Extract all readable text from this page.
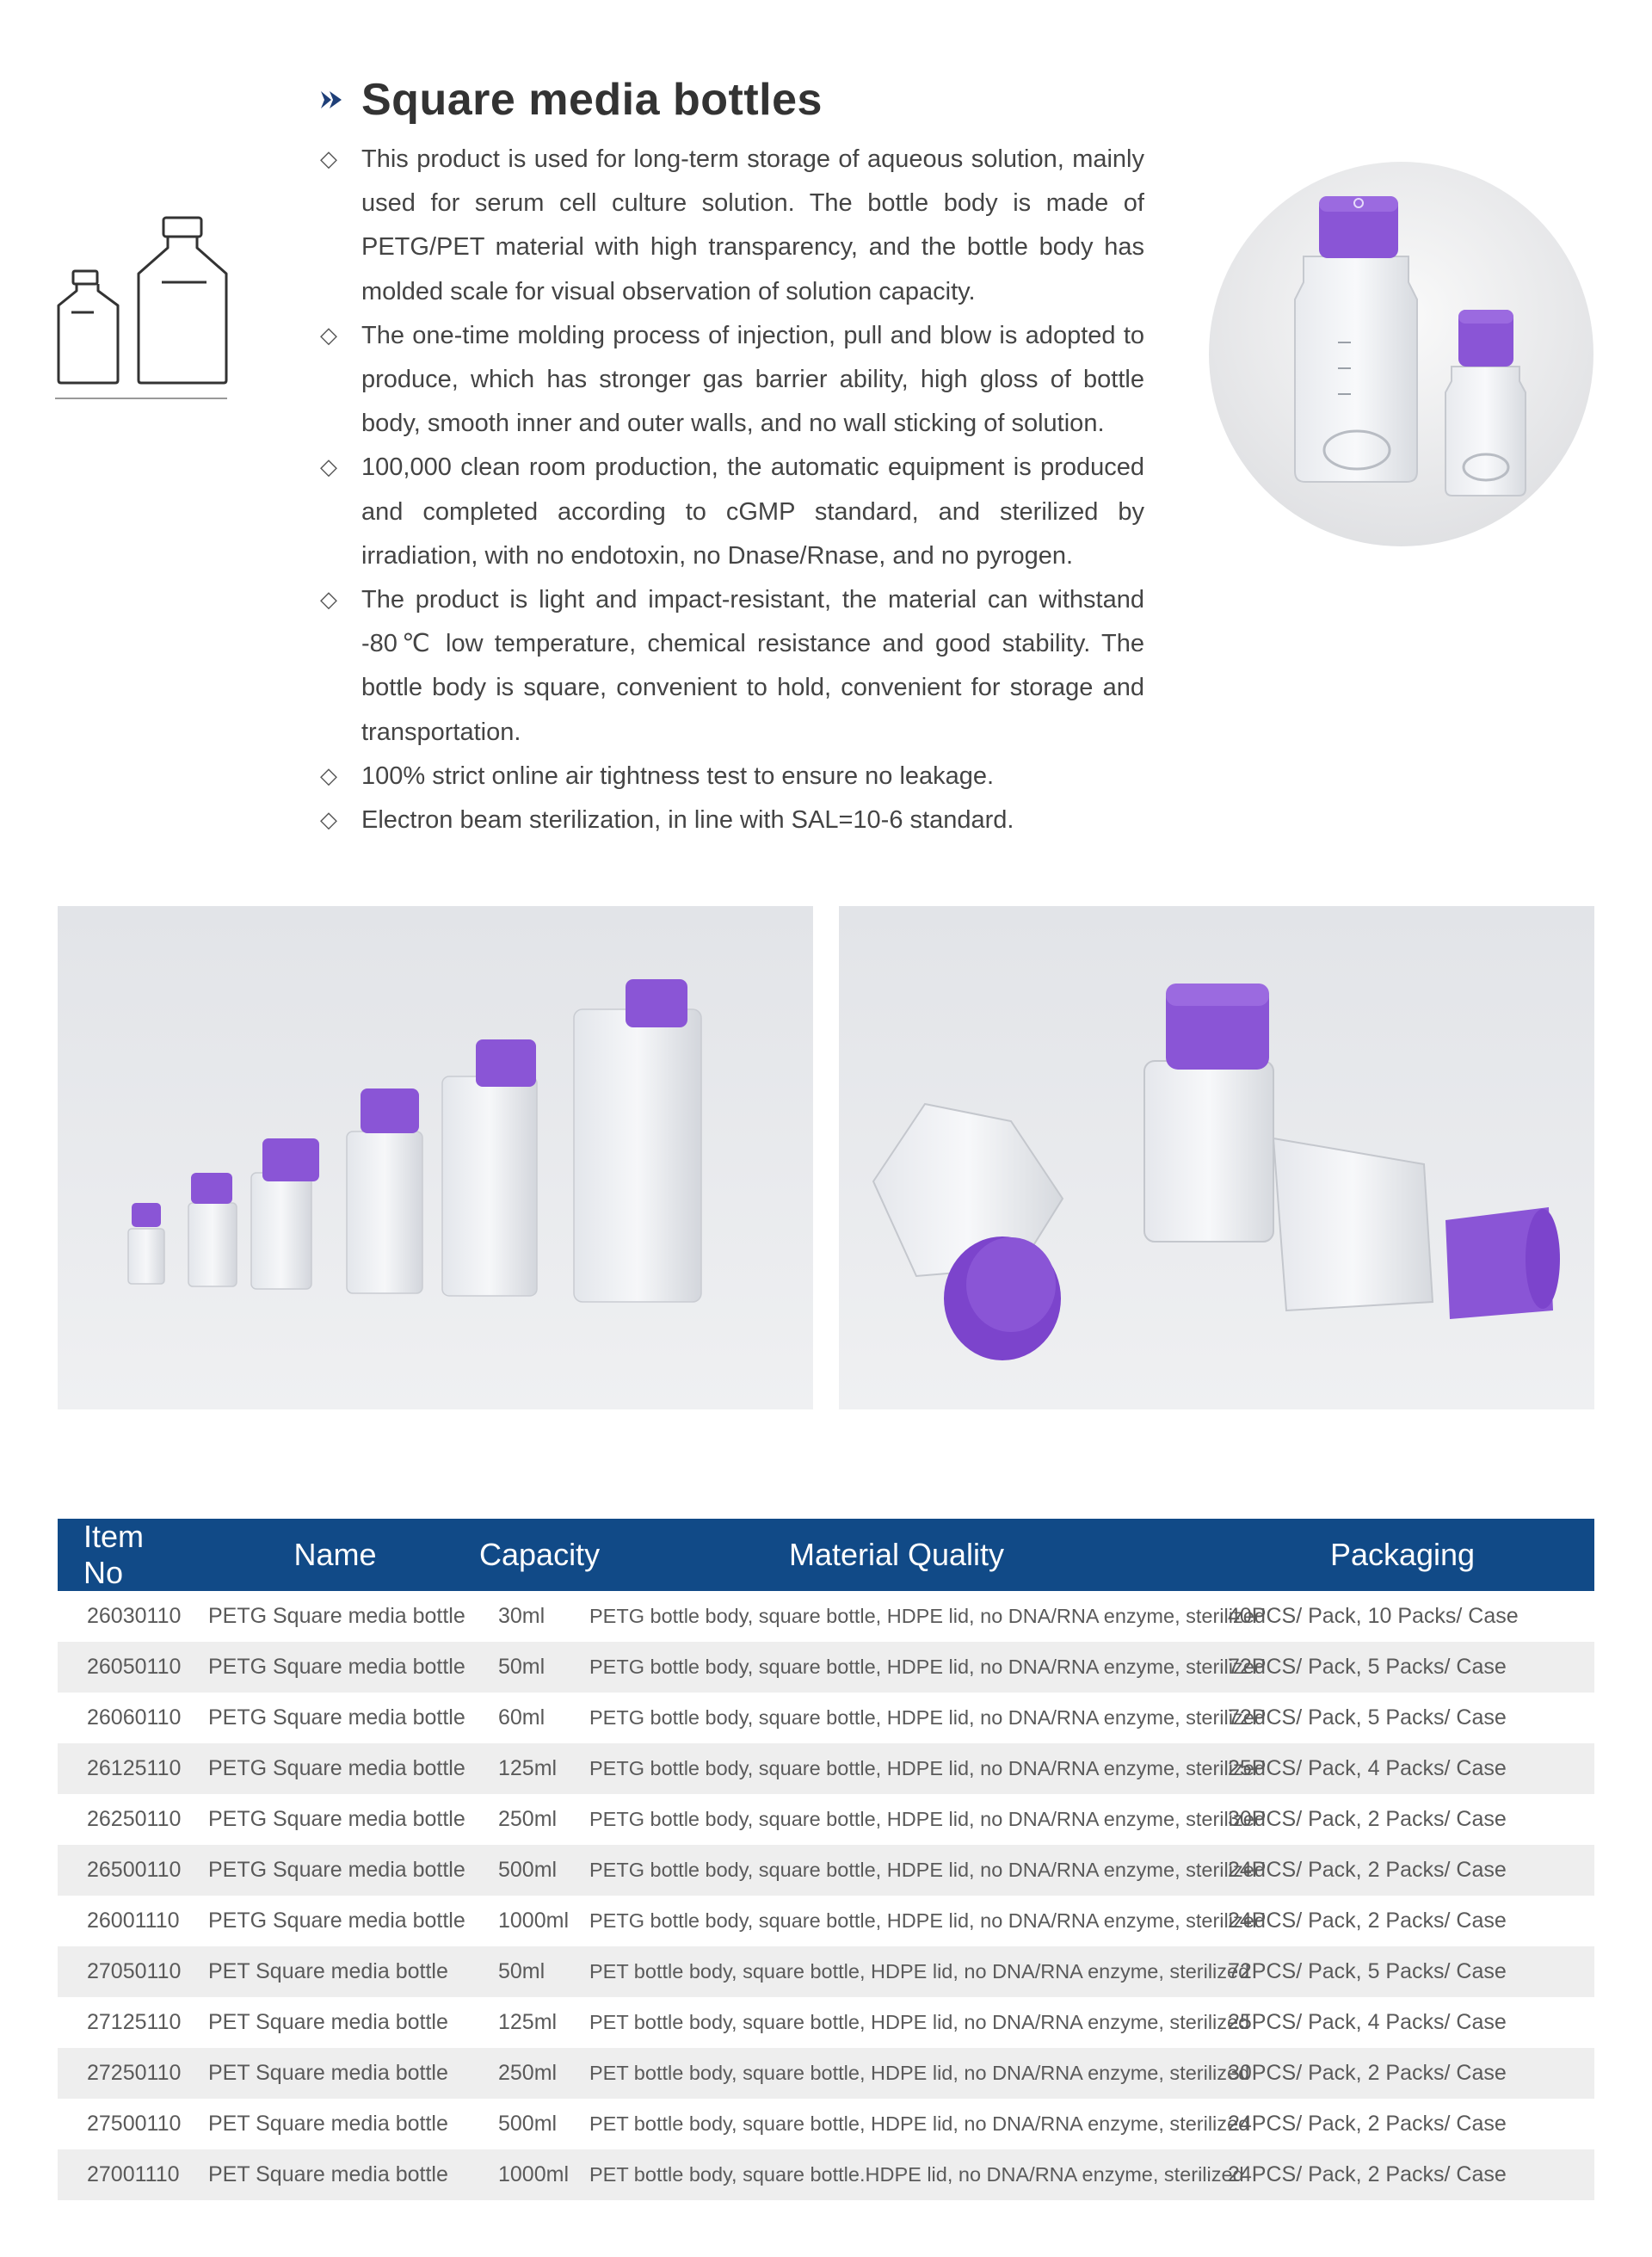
Square media bottles
◇ This product is used for long-term storage of aqueous solution, mainly used for serum cell culture solution. The bottle body is made of PETG/PET material with high transparency, and the bottle body has molded scale for visual observation of solution capacity.
◇ The one-time molding process of injection, pull and blow is adopted to produce, which has stronger gas barrier ability, high gloss of bottle body, smooth inner and outer walls, and no wall sticking of solution.
◇ 100,000 clean room production, the automatic equipment is produced and completed according to cGMP standard, and sterilized by irradiation, with no endotoxin, no Dnase/Rnase, and no pyrogen.
◇ The product is light and impact-resistant, the material can withstand -80℃ low temperature, chemical resistance and good stability. The bottle body is square, convenient to hold, convenient for storage and transportation.
◇ 100% strict online air tightness test to ensure no leakage.
◇ Electron beam sterilization, in line with SAL=10-6 standard.
Item No	Name	Capacity	Material Quality	Packaging
26030110	PETG Square media bottle	30ml	PETG bottle body, square bottle, HDPE lid, no DNA/RNA enzyme, sterilized	40PCS/ Pack, 10 Packs/ Case
26050110	PETG Square media bottle	50ml	PETG bottle body, square bottle, HDPE lid, no DNA/RNA enzyme, sterilized	72PCS/ Pack, 5 Packs/ Case
26060110	PETG Square media bottle	60ml	PETG bottle body, square bottle, HDPE lid, no DNA/RNA enzyme, sterilized	72PCS/ Pack, 5 Packs/ Case
26125110	PETG Square media bottle	125ml	PETG bottle body, square bottle, HDPE lid, no DNA/RNA enzyme, sterilized	25PCS/ Pack, 4 Packs/ Case
26250110	PETG Square media bottle	250ml	PETG bottle body, square bottle, HDPE lid, no DNA/RNA enzyme, sterilized	30PCS/ Pack, 2 Packs/ Case
26500110	PETG Square media bottle	500ml	PETG bottle body, square bottle, HDPE lid, no DNA/RNA enzyme, sterilized	24PCS/ Pack, 2 Packs/ Case
26001110	PETG Square media bottle	1000ml	PETG bottle body, square bottle, HDPE lid, no DNA/RNA enzyme, sterilized	24PCS/ Pack, 2 Packs/ Case
27050110	PET Square media bottle	50ml	PET bottle body, square bottle, HDPE lid, no DNA/RNA enzyme, sterilized	72PCS/ Pack, 5 Packs/ Case
27125110	PET Square media bottle	125ml	PET bottle body, square bottle, HDPE lid, no DNA/RNA enzyme, sterilized	25PCS/ Pack, 4 Packs/ Case
27250110	PET Square media bottle	250ml	PET bottle body, square bottle, HDPE lid, no DNA/RNA enzyme, sterilized	30PCS/ Pack, 2 Packs/ Case
27500110	PET Square media bottle	500ml	PET bottle body, square bottle, HDPE lid, no DNA/RNA enzyme, sterilized	24PCS/ Pack, 2 Packs/ Case
27001110	PET Square media bottle	1000ml	PET bottle body, square bottle.HDPE lid, no DNA/RNA enzyme, sterilized	24PCS/ Pack, 2 Packs/ Case
